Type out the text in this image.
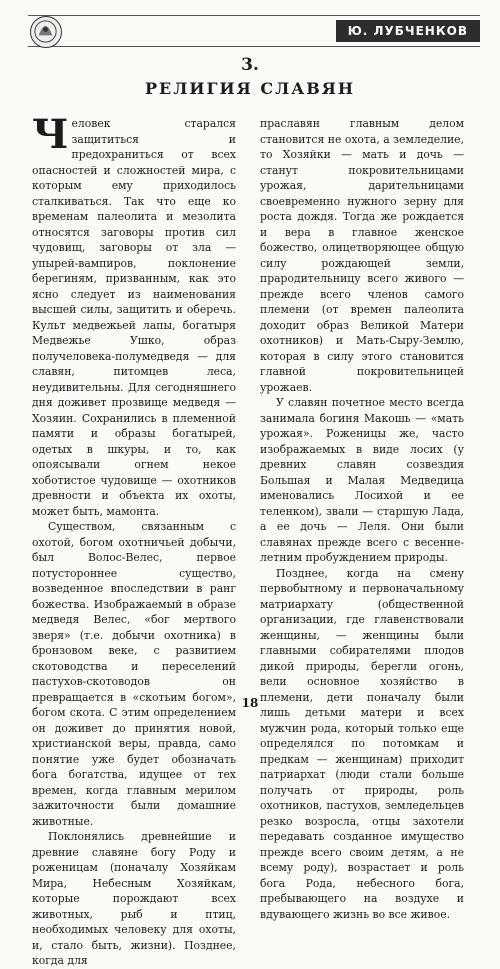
Ю. ЛУБЧЕНКОВ
3.
РЕЛИГИЯ СЛАВЯН

Человек старался защититься и предохраниться от всех опасностей и сложностей мира, с которым ему приходилось сталкиваться. Так что еще ко временам палеолита и мезолита относятся заговоры против сил чудовищ, заговоры от зла — упырей-вампиров, поклонение берегиням, призванным, как это ясно следует из наименования высшей силы, защитить и оберечь. Культ медвежьей лапы, богатыря Медвежье Ушко, образ получеловека-полумедведя — для славян, питомцев леса, неудивительны. Для сегодняшнего дня доживет прозвище медведя — Хозяин. Сохранились в племенной памяти и образы богатырей, одетых в шкуры, и то, как опоясывали огнем некое хоботистое чудовище — охотников древности и объекта их охоты, может быть, мамонта.

Существом, связанным с охотой, богом охотничьей добычи, был Волос-Велес, первое потустороннее существо, возведенное впоследствии в ранг божества. Изображаемый в образе медведя Велес, «бог мертвого зверя» (т.е. добычи охотника) в бронзовом веке, с развитием скотоводства и переселений пастухов-скотоводов он превращается в «скотьим богом», богом скота. С этим определением он доживет до принятия новой, христианской веры, правда, само понятие уже будет обозначать бога богатства, идущее от тех времен, когда главным мерилом зажиточности были домашние животные.

Поклонялись древнейшие и древние славяне богу Роду и роженицам (поначалу Хозяйкам Мира, Небесным Хозяйкам, которые порождают всех животных, рыб и птиц, необходимых человеку для охоты, и, стало быть, жизни). Позднее, когда для

праславян главным делом становится не охота, а земледелие, то Хозяйки — мать и дочь — станут покровительницами урожая, дарительницами своевременно нужного зерну для роста дождя. Тогда же рождается и вера в главное женское божество, олицетворяющее общую силу рождающей земли, прародительницу всего живого — прежде всего членов самого племени (от времен палеолита доходит образ Великой Матери охотников) и Мать-Сыру-Землю, которая в силу этого становится главной покровительницей урожаев.

У славян почетное место всегда занимала богиня Макошь — «мать урожая». Роженицы же, часто изображаемых в виде лосих (у древних славян созвездия Большая и Малая Медведица именовались Лосихой и ее теленком), звали — старшую Лада, а ее дочь — Леля. Они были славянах прежде всего с весенне-летним пробуждением природы.

Позднее, когда на смену первобытному и первоначальному матриархату (общественной организации, где главенствовали женщины, — женщины были главными собирателями плодов дикой природы, берегли огонь, вели основное хозяйство в племени, дети поначалу были лишь детьми матери и всех мужчин рода, который только еще определялся по потомкам и предкам — женщинам) приходит патриархат (люди стали больше получать от природы, роль охотников, пастухов, земледельцев резко возросла, отцы захотели передавать созданное имущество прежде всего своим детям, а не всему роду), возрастает и роль бога Рода, небесного бога, пребывающего на воздухе и вдувающего жизнь во все живое.

18
